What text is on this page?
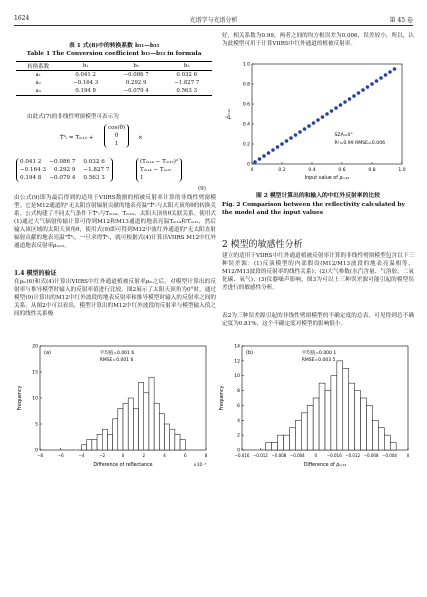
1624	光谱学与光谱分析	第 45 卷
表 1 式(8)中的转换系数 b₁₁—b₃₃
Table 1 The Conversion coefficient b₁₁—b₃₃ in formula
转换系数	b₁	b₂	b₃
a₁	0.041 2	−0.086 7	0.032 6
a₂	−0.164 3	0.292 9	−1.827 7
a₃	0.194 8	−0.079 4	0.563 3
由此式(7)的非线性劈窗模型可表示为
T̂ᵇᵢ = Tₘ₁₅ +
cos(θ)
θ
1
×
0.041 2 −0.086 7 0.032 6
−0.164 3 0.292 9 −1.827 7
0.194 8 −0.079 4 0.563 3
(Tₘ₁₄ − Tₘ₁₅)²
Tₘ₁₄ − Tₘ₁₅
1
(9)
由公式(9)即为最后得到的适用于VIIRS数据的植被反射率计算的非线性劈窗模型。它是M12通道的"无太阳直射辐射贡献的地表亮温"T̂ᵇᵢ与太阳天顶角θ的转换关系。公式构建了不同太气条件下T̂ᵇᵢ与Tₘ₁₄、Tₘ₁₅、太阳天顶角θ关联关系。使用式(1)通过大气辐射传输计算可得到M12和M13通道的地表亮温Tₘ₁₄和Tₘ₁₅，然后输入该区域的太阳天顶角θ，使用式(9)即可得到M12中波红外通道的"无太阳直射辐射贡献的地表亮温"T̂ᵇᵢ，一旦求得T̂ᵇᵢ，就可根据式(4)计算出VIIRS M12中红外通道地表反射率ρₘ₁₂。
1.4 模型的验证
在ρₘ(6)和式(4)计算出VIIRS中红外通道植被反射率ρₘ之后，对模型计算出的反射率与推导模型时输入的反射率值进行比较，图2展示了太阳天顶角为0°时，通过模型(9)计算出的M12中红外波段的地表反射率和推导模型时输入的反射率之间的关系。从图2中可以看出，模型计算出的M12中红外波段的反射率与模型输入值之间的线性关系极
好，相关系数为0.99，两者之间的均方根误差为0.006，误差较小，所以，认为此模型可用于计算VIIRS中红外通道的植被反射率。
0	0.2	0.4	0.6	0.8	1.0
0
0.2
0.4
0.6
0.8
1.0
Input value of ρₘ₁₂
ρ̂ₘ₁₂
SZA=0°
R²=0.99 RMSE=0.006
图 2 模型计算出的和输入的中红外反射率的比较
Fig. 2 Comparison between the reflectivity calculated by the model and the input values
2 模型的敏感性分析
建立的适用于VIIRS中红外通道植被反射率计算的非线性劈窗模型包含以下三种误差源：(1)反演模型的内部假设(M12/M13波段的地表亮温相等、M12/M13波段的反射率的线性关系)；(2)大气参数(水汽含量、气溶胶、二氧化碳、氧气)；(3)仪器噪声影响。图3为可以上三种误差源可能引起的模型误差进行的敏感性分析。
表2为三种误差源引起的非线性劈窗模型的不确定度的总表，可见得到总不确定度为0.81%，这个不确定度对模型的影响很小。
0
5
10
15
20
−8	−6	−4	−2	0	2	4	6	8
(a)	平均值=0.001 6
RMSE=0.001 6
Difference of reflectance
Frequency
×10⁻³
0
2
4
6
8
10
12
14
−0.016 −0.012 −0.008 −0.004 0 −0.016 −0.012 −0.008 −0.004 0
(b)	平均值=0.000 1
RMSE=0.003 5
Difference of ρₘ₁₂
Frequency
